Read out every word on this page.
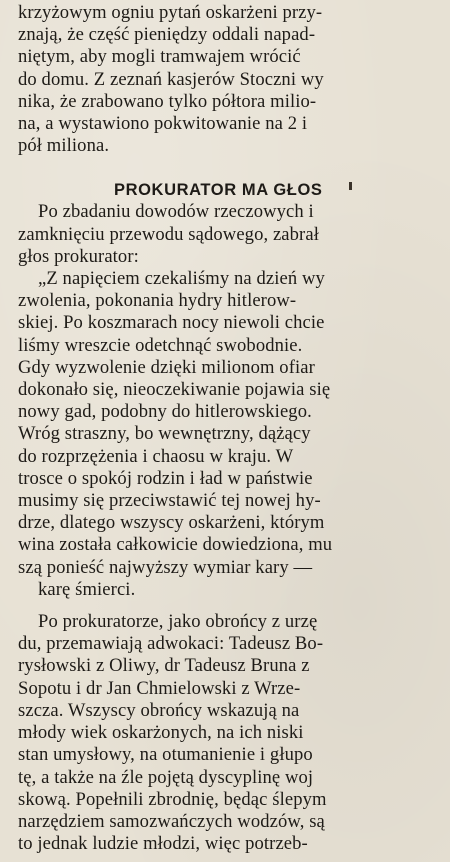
krzyżowym ogniu pytań oskarżeni przy-
znają, że część pieniędzy oddali napad-
niętym, aby mogli tramwajem wrócić
do domu. Z zeznań kasjerów Stoczni wy
nika, że zrabowano tylko półtora milio-
na, a wystawiono pokwitowanie na 2 i
pół miliona.
PROKURATOR MA GŁOS
Po zbadaniu dowodów rzeczowych i
zamknięciu przewodu sądowego, zabrał
głos prokurator:
„Z napięciem czekaliśmy na dzień wy
zwolenia, pokonania hydry hitlerow-
skiej. Po koszmarach nocy niewoli chcie
liśmy wreszcie odetchnąć swobodnie.
Gdy wyzwolenie dzięki milionom ofiar
dokonało się, nieoczekiwanie pojawia się
nowy gad, podobny do hitlerowskiego.
Wróg straszny, bo wewnętrzny, dążący
do rozprzężenia i chaosu w kraju. W
trosce o spokój rodzin i ład w państwie
musimy się przeciwstawić tej nowej hy-
drze, dlatego wszyscy oskarżeni, którym
wina została całkowicie dowiedziona, mu
szą ponieść najwyższy wymiar kary —
karę śmierci.
Po prokuratorze, jako obrońcy z urzę
du, przemawiają adwokaci: Tadeusz Bo-
rysłowski z Oliwy, dr Tadeusz Bruna z
Sopotu i dr Jan Chmielowski z Wrze-
szcza. Wszyscy obrońcy wskazują na
młody wiek oskarżonych, na ich niski
stan umysłowy, na otumanienie i głupo
tę, a także na źle pojętą dyscyplinę woj
skową. Popełnili zbrodnię, będąc ślepym
narzędziem samozwańczych wodzów, są
to jednak ludzie młodzi, więc potrzeb-
